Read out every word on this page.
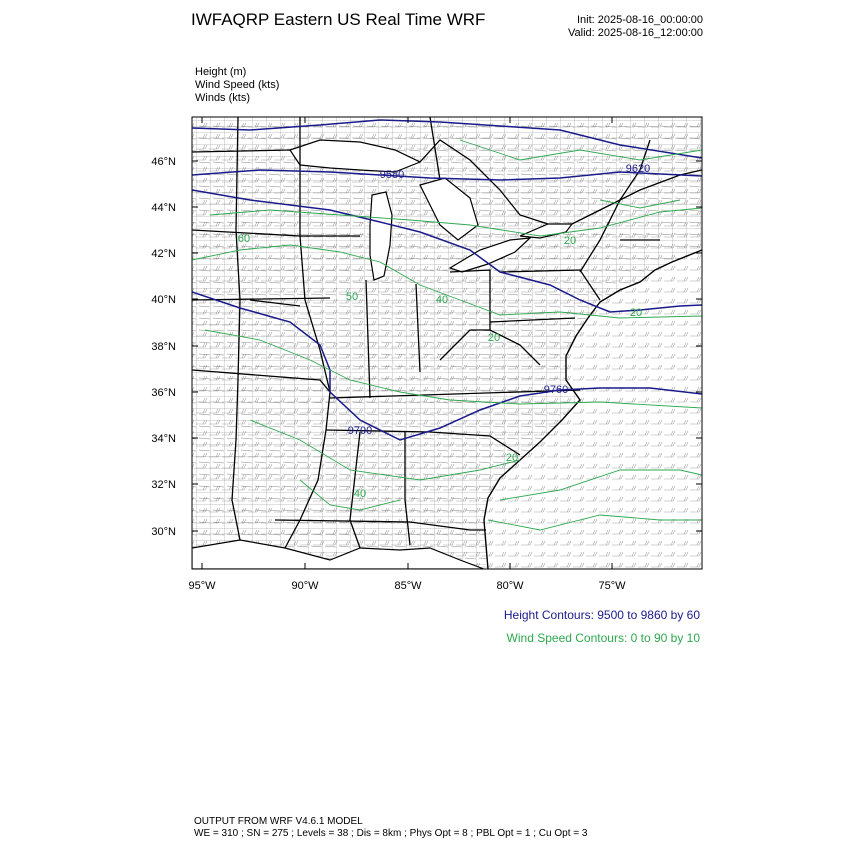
IWFAQRP Eastern US Real Time WRF	Init: 2025-08-16_00:00:00
Valid: 2025-08-16_12:00:00
Height (m)
Wind Speed (kts)
Winds (kts)
46°N
44°N
42°N
40°N
38°N
36°N
34°N
32°N
30°N
95°W	90°W	85°W	80°W	75°W
9580	9620
9700
9760
60
50
20
20
40
40
20
20
Height Contours: 9500 to 9860 by 60
Wind Speed Contours: 0 to 90 by 10
OUTPUT FROM WRF V4.6.1 MODEL
WE = 310 ; SN = 275 ; Levels = 38 ; Dis = 8km ; Phys Opt = 8 ; PBL Opt = 1 ; Cu Opt = 3
